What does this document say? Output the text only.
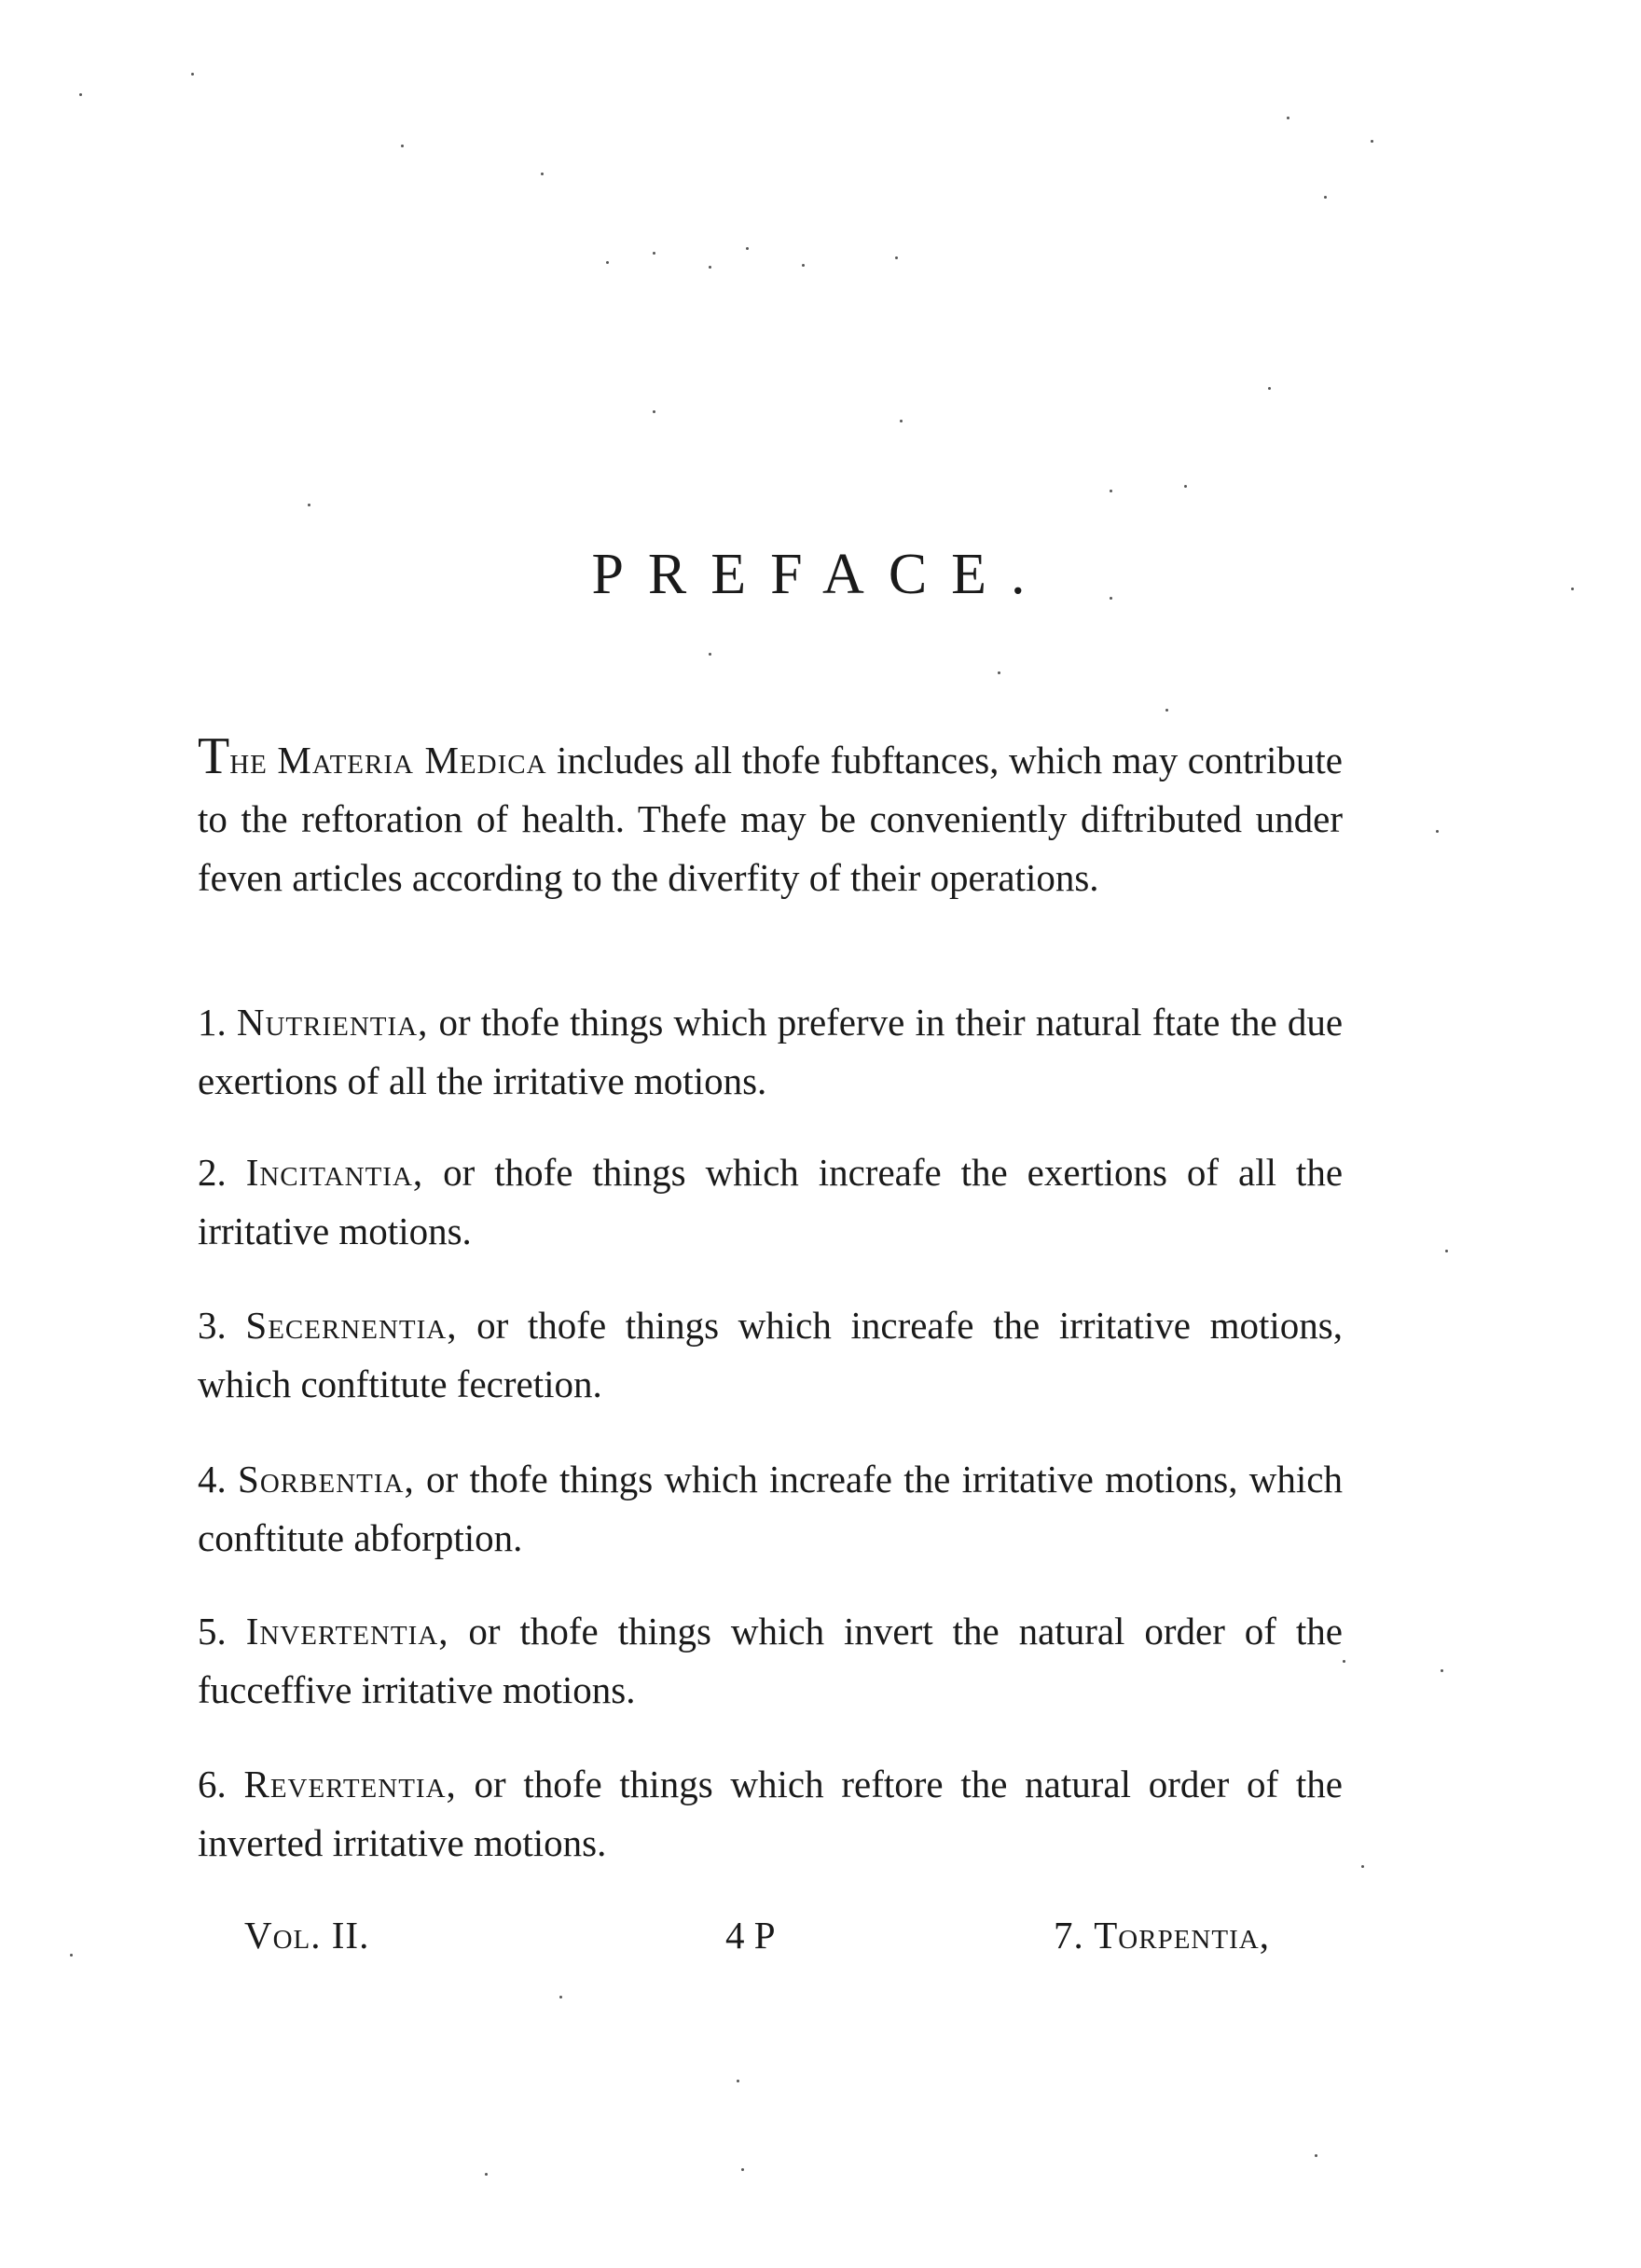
PREFACE.

The Materia Medica includes all thofe fubftances, which may contribute to the reftoration of health. Thefe may be conveniently diftributed under feven articles according to the diverfity of their operations.

1. Nutrientia, or thofe things which preferve in their natural ftate the due exertions of all the irritative motions.

2. Incitantia, or thofe things which increafe the exertions of all the irritative motions.

3. Secernentia, or thofe things which increafe the irritative motions, which conftitute fecretion.

4. Sorbentia, or thofe things which increafe the irritative motions, which conftitute abforption.

5. Invertentia, or thofe things which invert the natural order of the fucceffive irritative motions.

6. Revertentia, or thofe things which reftore the natural order of the inverted irritative motions.

Vol. II.	4 P	7. Torpentia,
